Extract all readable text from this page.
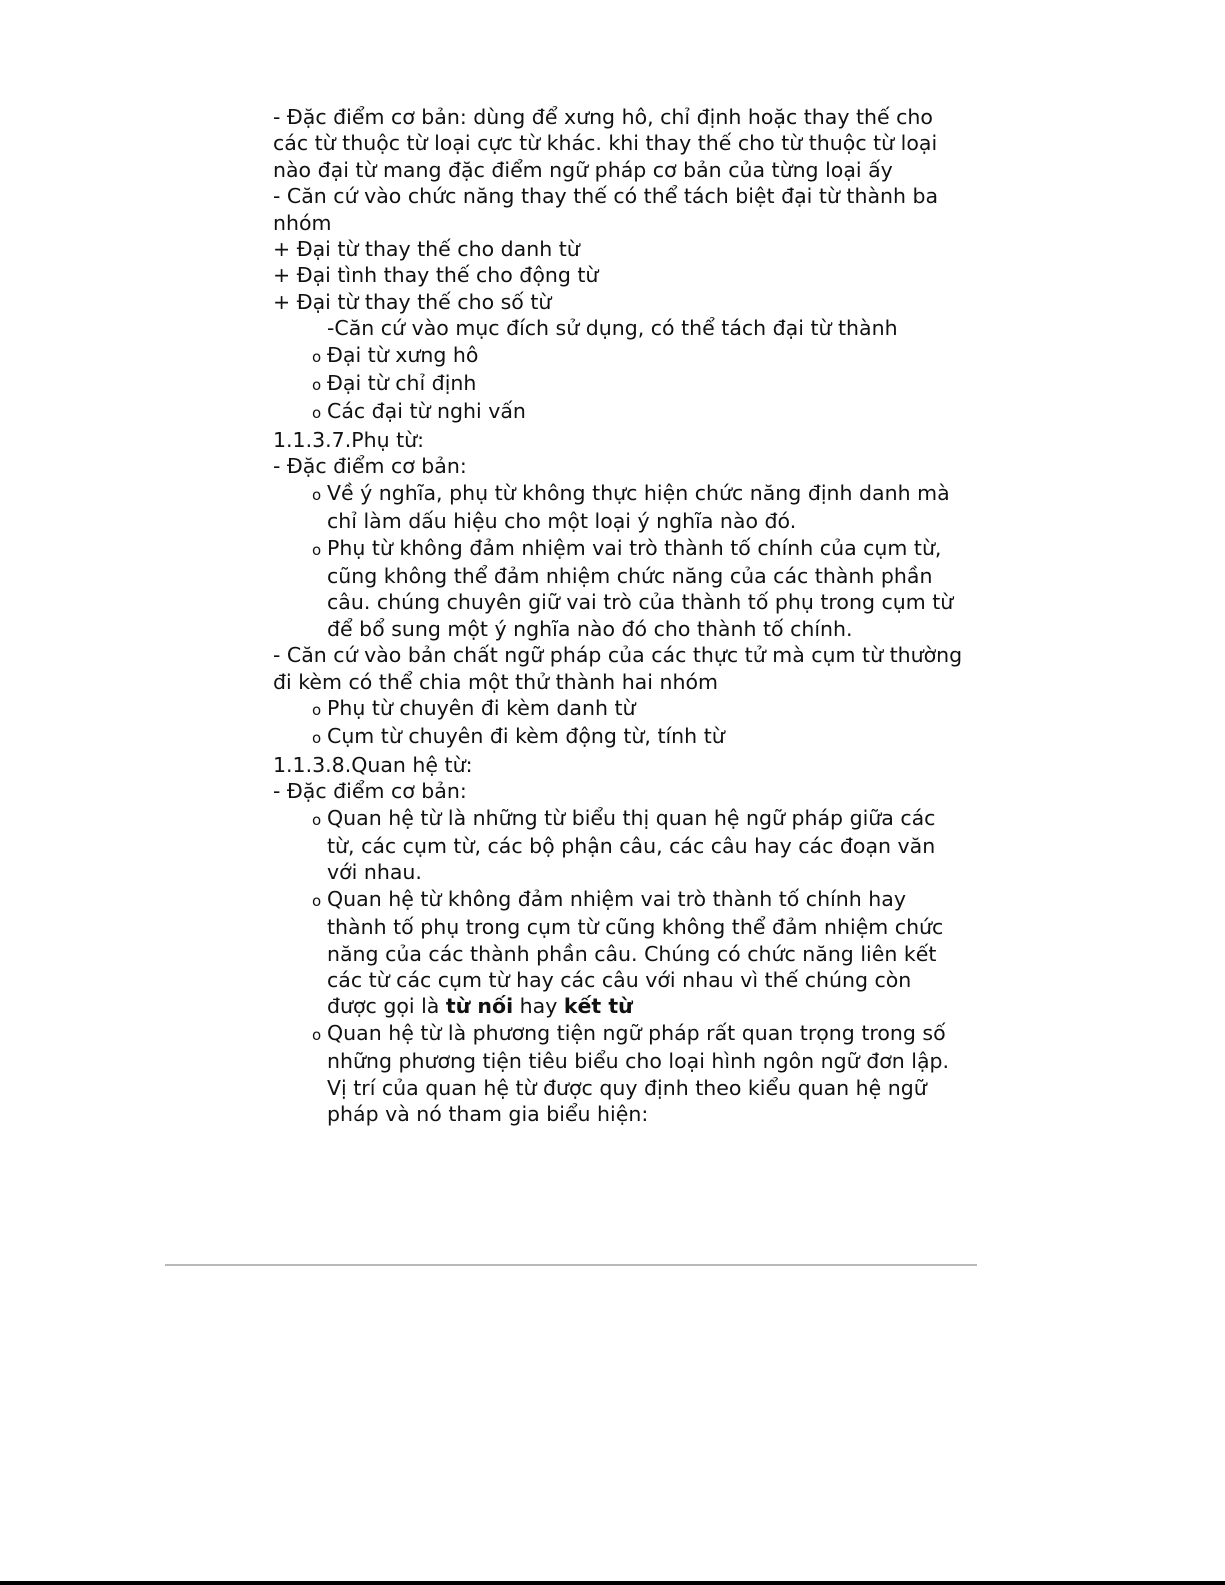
- Đặc điểm cơ bản: dùng để xưng hô, chỉ định hoặc thay thế cho các từ thuộc từ loại cực từ khác. khi thay thế cho từ thuộc từ loại nào đại từ mang đặc điểm ngữ pháp cơ bản của từng loại ấy

- Căn cứ vào chức năng thay thế có thể tách biệt đại từ thành ba nhóm

+ Đại từ thay thế cho danh từ

+ Đại tình thay thế cho động từ

+ Đại từ thay thế cho số từ

-Căn cứ vào mục đích sử dụng, có thể tách đại từ thành

o Đại từ xưng hô

o Đại từ chỉ định

o Các đại từ nghi vấn

1.1.3.7.Phụ từ:

- Đặc điểm cơ bản:

o Về ý nghĩa, phụ từ không thực hiện chức năng định danh mà chỉ làm dấu hiệu cho một loại ý nghĩa nào đó.

o Phụ từ không đảm nhiệm vai trò thành tố chính của cụm từ, cũng không thể đảm nhiệm chức năng của các thành phần câu. chúng chuyên giữ vai trò của thành tố phụ trong cụm từ để bổ sung một ý nghĩa nào đó cho thành tố chính.

- Căn cứ vào bản chất ngữ pháp của các thực tử mà cụm từ thường đi kèm có thể chia một thử thành hai nhóm

o Phụ từ chuyên đi kèm danh từ

o Cụm từ chuyên đi kèm động từ, tính từ

1.1.3.8.Quan hệ từ:

- Đặc điểm cơ bản:

o Quan hệ từ là những từ biểu thị quan hệ ngữ pháp giữa các từ, các cụm từ, các bộ phận câu, các câu hay các đoạn văn với nhau.

o Quan hệ từ không đảm nhiệm vai trò thành tố chính hay thành tố phụ trong cụm từ cũng không thể đảm nhiệm chức năng của các thành phần câu. Chúng có chức năng liên kết các từ các cụm từ hay các câu với nhau vì thế chúng còn được gọi là từ nối hay kết từ

o Quan hệ từ là phương tiện ngữ pháp rất quan trọng trong số những phương tiện tiêu biểu cho loại hình ngôn ngữ đơn lập. Vị trí của quan hệ từ được quy định theo kiểu quan hệ ngữ pháp và nó tham gia biểu hiện:
